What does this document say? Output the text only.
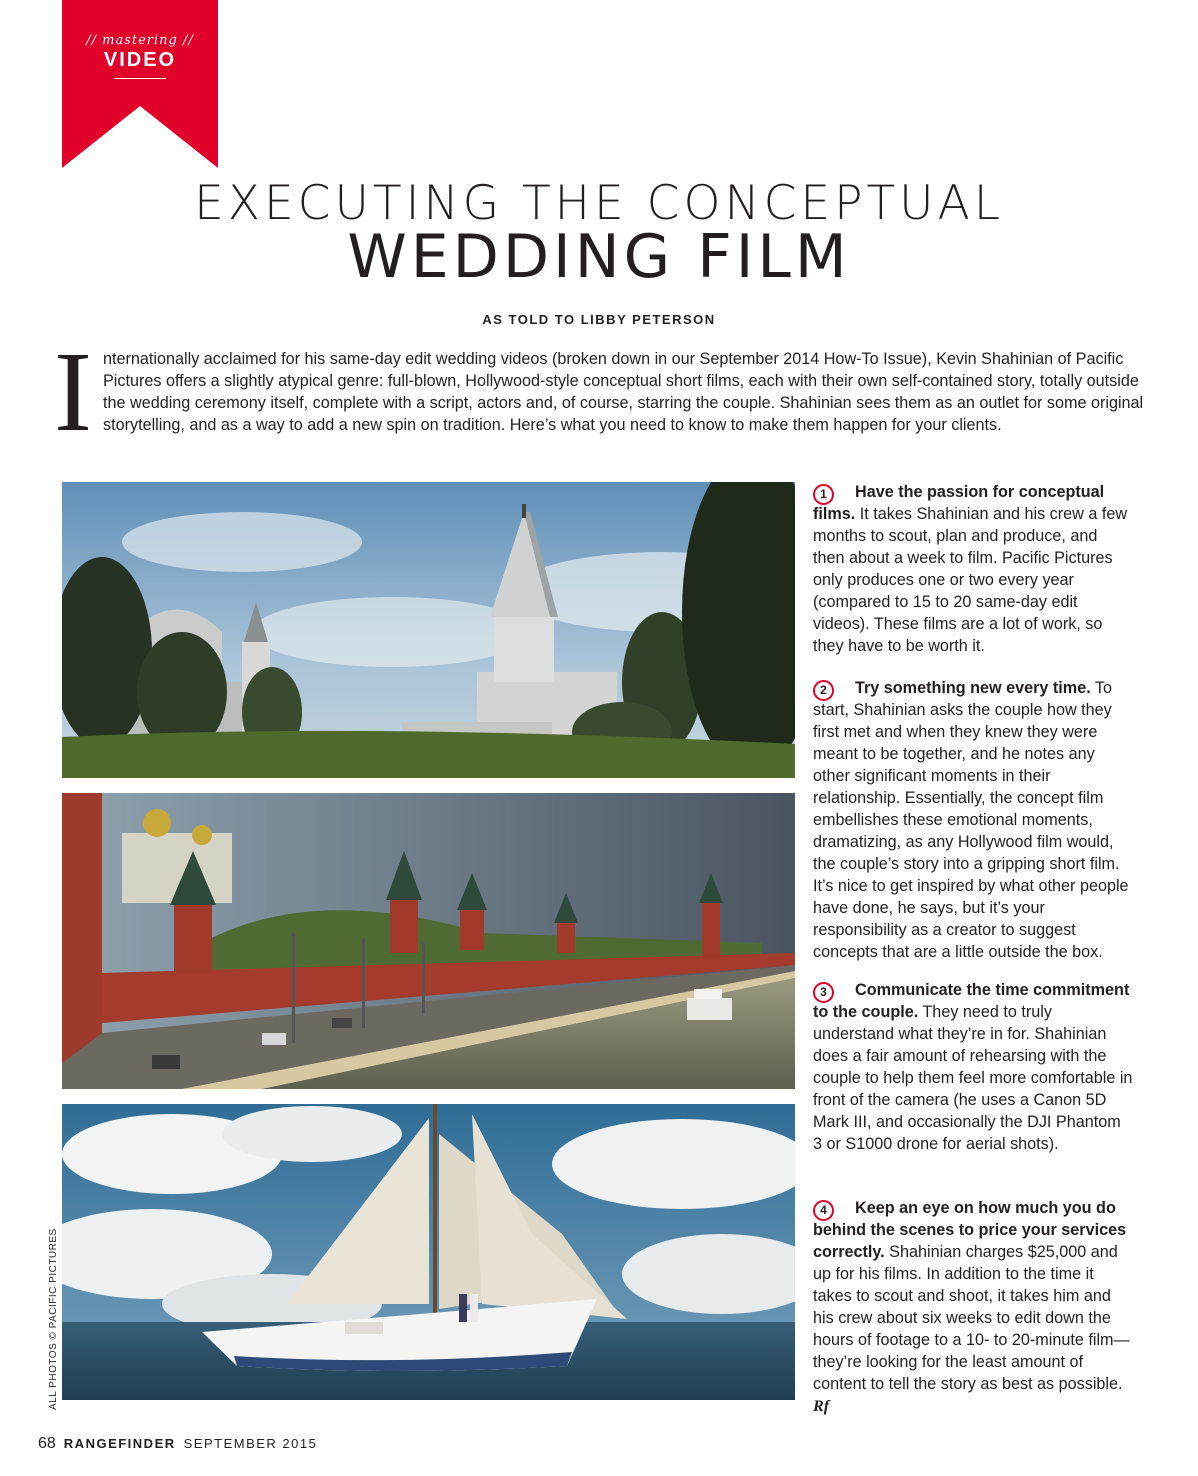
// mastering //
VIDEO
EXECUTING THE CONCEPTUAL
WEDDING FILM
AS TOLD TO LIBBY PETERSON
I nternationally acclaimed for his same-day edit wedding videos (broken down in our September 2014 How-To Issue), Kevin Shahinian of Pacific Pictures offers a slightly atypical genre: full-blown, Hollywood-style conceptual short films, each with their own self-contained story, totally outside the wedding ceremony itself, complete with a script, actors and, of course, starring the couple. Shahinian sees them as an outlet for some original storytelling, and as a way to add a new spin on tradition. Here’s what you need to know to make them happen for your clients.

ALL PHOTOS © PACIFIC PICTURES
1	Have the passion for conceptual films. It takes Shahinian and his crew a few months to scout, plan and produce, and then about a week to film. Pacific Pictures only produces one or two every year (compared to 15 to 20 same-day edit videos). These films are a lot of work, so they have to be worth it.

2	Try something new every time. To start, Shahinian asks the couple how they first met and when they knew they were meant to be together, and he notes any other significant moments in their relationship. Essentially, the concept film embellishes these emotional moments, dramatizing, as any Hollywood film would, the couple’s story into a gripping short film. It’s nice to get inspired by what other people have done, he says, but it’s your responsibility as a creator to suggest concepts that are a little outside the box.

3	Communicate the time commitment to the couple. They need to truly understand what they’re in for. Shahinian does a fair amount of rehearsing with the couple to help them feel more comfortable in front of the camera (he uses a Canon 5D Mark III, and occasionally the DJI Phantom 3 or S1000 drone for aerial shots).

4	Keep an eye on how much you do behind the scenes to price your services correctly. Shahinian charges $25,000 and up for his films. In addition to the time it takes to scout and shoot, it takes him and his crew about six weeks to edit down the hours of footage to a 10- to 20-minute film—they’re looking for the least amount of content to tell the story as best as possible. Rf

68 RANGEFINDER SEPTEMBER 2015
